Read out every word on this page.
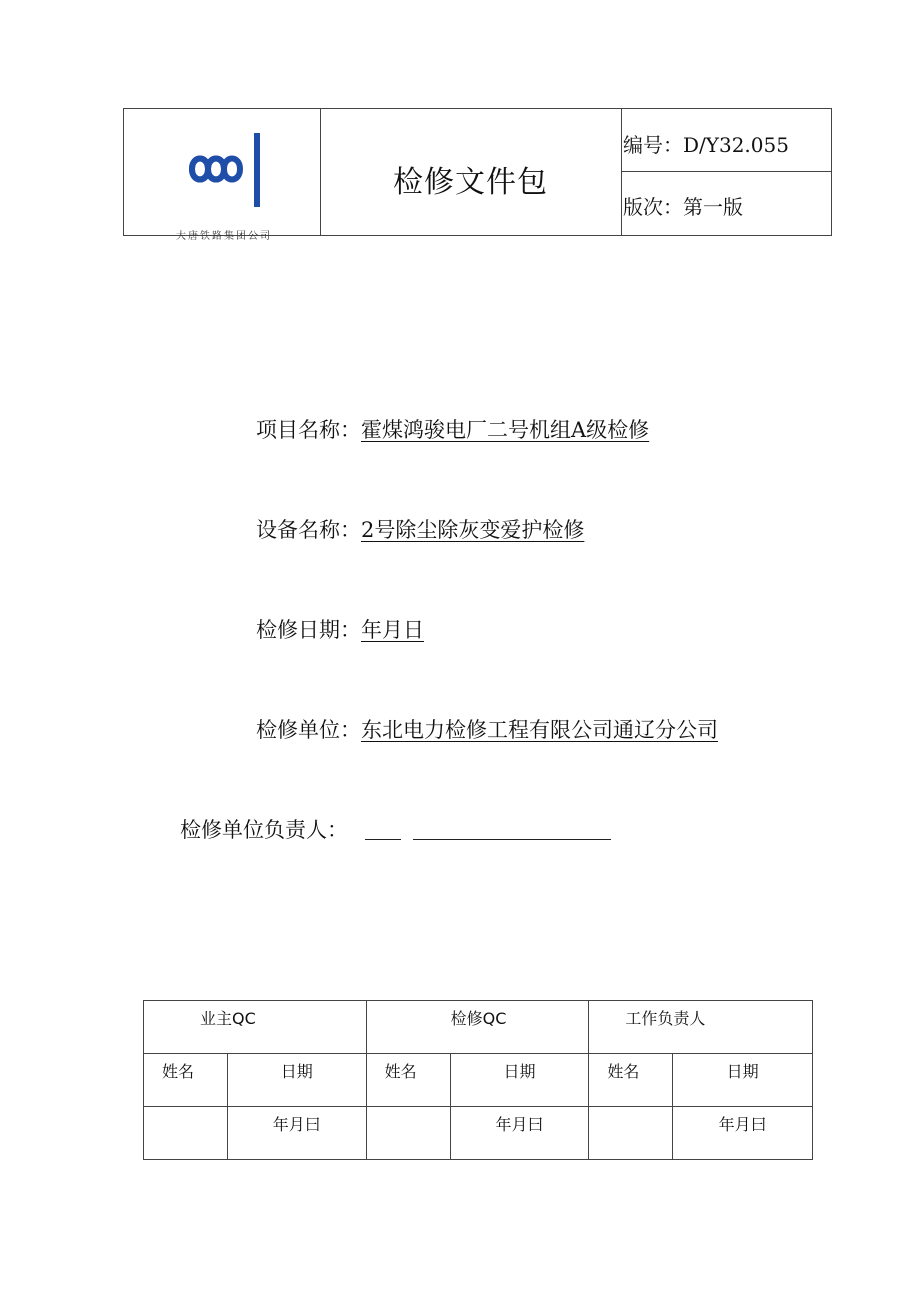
大唐铁路集团公司
检修文件包
编号：D/Y32.055
版次：第一版
项目名称：霍煤鸿骏电厂二号机组A级检修
设备名称：2号除尘除灰变爱护检修
检修日期：年月日
检修单位：东北电力检修工程有限公司通辽分公司
检修单位负责人：
业主QC		检修QC		工作负责人	
姓名	日期	姓名	日期	姓名	日期
	年月曰		年月曰		年月曰
